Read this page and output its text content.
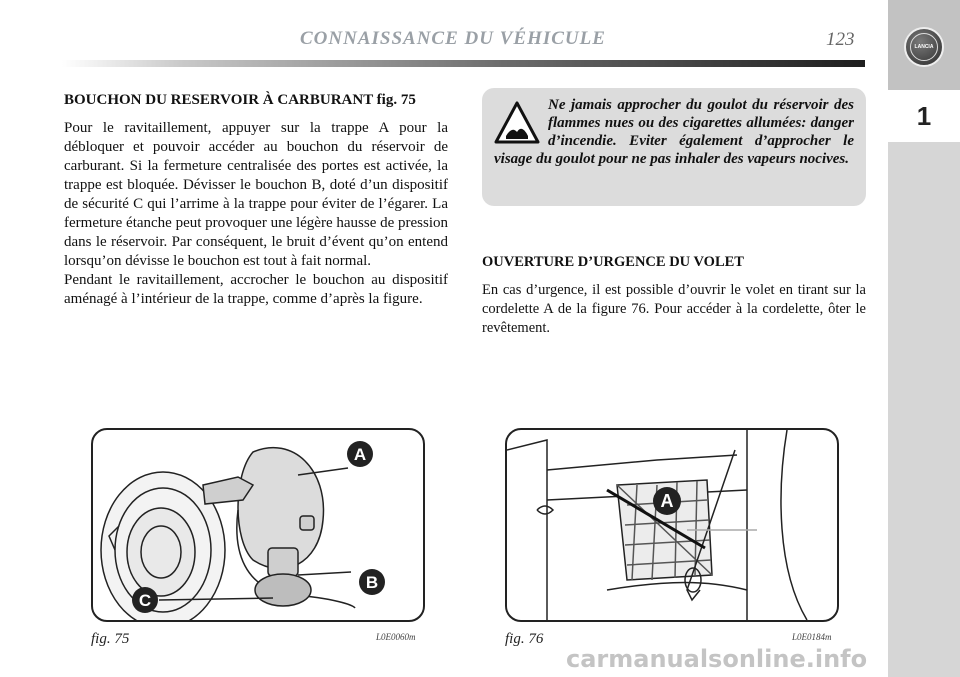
1
LANCIA
CONNAISSANCE DU VÉHICULE	123

BOUCHON DU RESERVOIR À CARBURANT fig. 75

Pour le ravitaillement, appuyer sur la trappe A pour la débloquer et pouvoir accéder au bouchon du réservoir de carburant. Si la fermeture centralisée des portes est activée, la trappe est bloquée. Dévisser le bouchon B, doté d’un dispositif de sécurité C qui l’arrime à la trappe pour éviter de l’égarer. La fermeture étanche peut provoquer une légère hausse de pression dans le réservoir. Par conséquent, le bruit d’évent qu’on entend lorsqu’on dévisse le bouchon est tout à fait normal.

Pendant le ravitaillement, accrocher le bouchon au dispositif aménagé à l’intérieur de la trappe, comme d’après la figure.

Ne jamais approcher du goulot du réservoir des flammes nues ou des cigarettes allumées: danger d’incendie. Eviter également d’approcher le visage du goulot pour ne pas inhaler des vapeurs nocives.

OUVERTURE D’URGENCE DU VOLET

En cas d’urgence, il est possible d’ouvrir le volet en tirant sur la cordelette A de la figure 76. Pour accéder à la cordelette, ôter le revêtement.

A
B
C
fig. 75	L0E0060m
A
fig. 76	L0E0184m
carmanualsonline.info
